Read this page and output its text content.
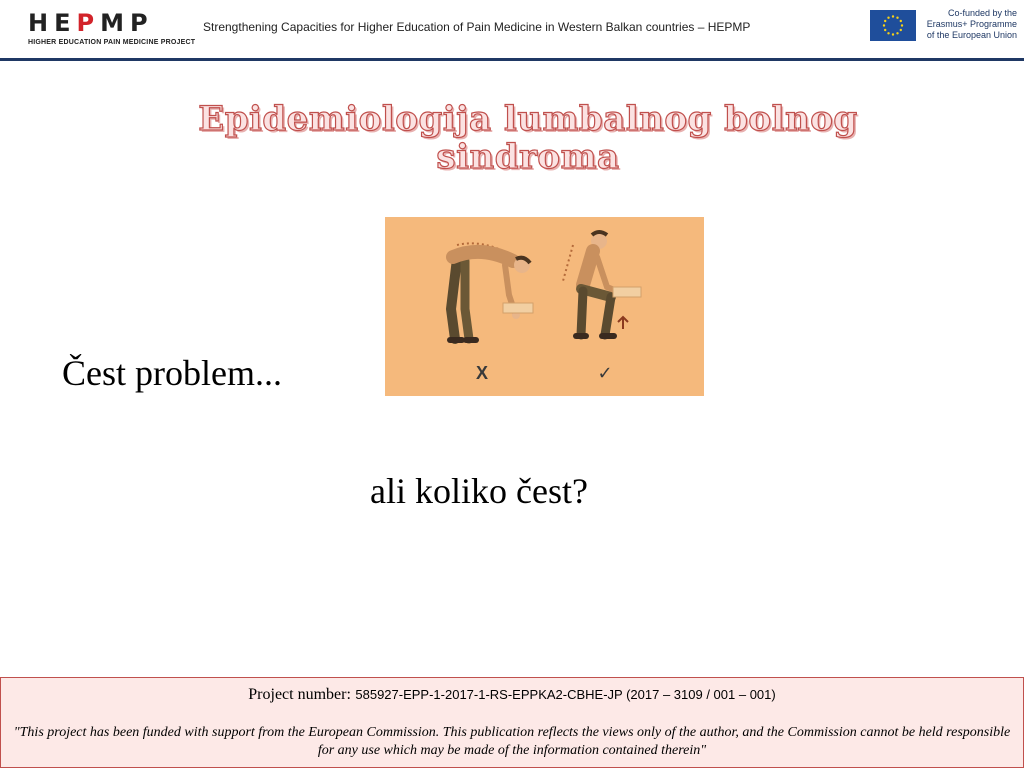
HEPMP
HIGHER EDUCATION PAIN MEDICINE PROJECT
Strengthening Capacities for Higher Education of Pain Medicine in Western Balkan countries – HEPMP
Co-funded by the
Erasmus+ Programme
of the European Union
Epidemiologija lumbalnog bolnog
sindroma
X	✓
Čest problem...
ali koliko čest?
Project number: 585927-EPP-1-2017-1-RS-EPPKA2-CBHE-JP (2017 – 3109 / 001 – 001)
"This project has been funded with support from the European Commission. This publication reflects the views only of the author, and the Commission cannot be held responsible for any use which may be made of the information contained therein"
